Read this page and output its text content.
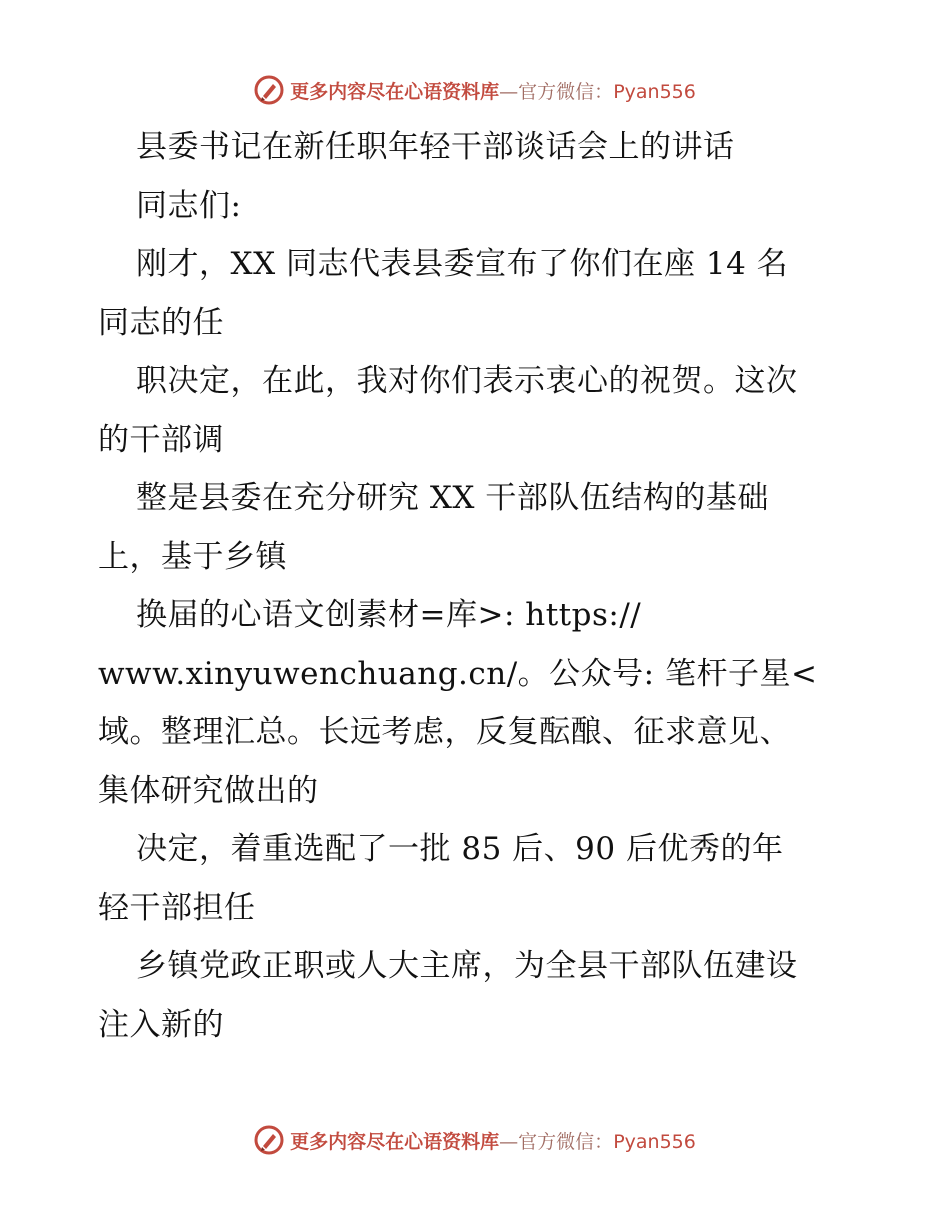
更多内容尽在心语资料库—官方微信：Pyan556
县委书记在新任职年轻干部谈话会上的讲话
同志们:
刚才，XX 同志代表县委宣布了你们在座 14 名
同志的任
职决定，在此，我对你们表示衷心的祝贺。这次
的干部调
整是县委在充分研究 XX 干部队伍结构的基础
上，基于乡镇
换届的心语文创素材=库>: https://
www.xinyuwenchuang.cn/。公众号: 笔杆子星<
域。整理汇总。长远考虑，反复酝酿、征求意见、
集体研究做出的
决定，着重选配了一批 85 后、90 后优秀的年
轻干部担任
乡镇党政正职或人大主席，为全县干部队伍建设
注入新的
更多内容尽在心语资料库—官方微信：Pyan556
